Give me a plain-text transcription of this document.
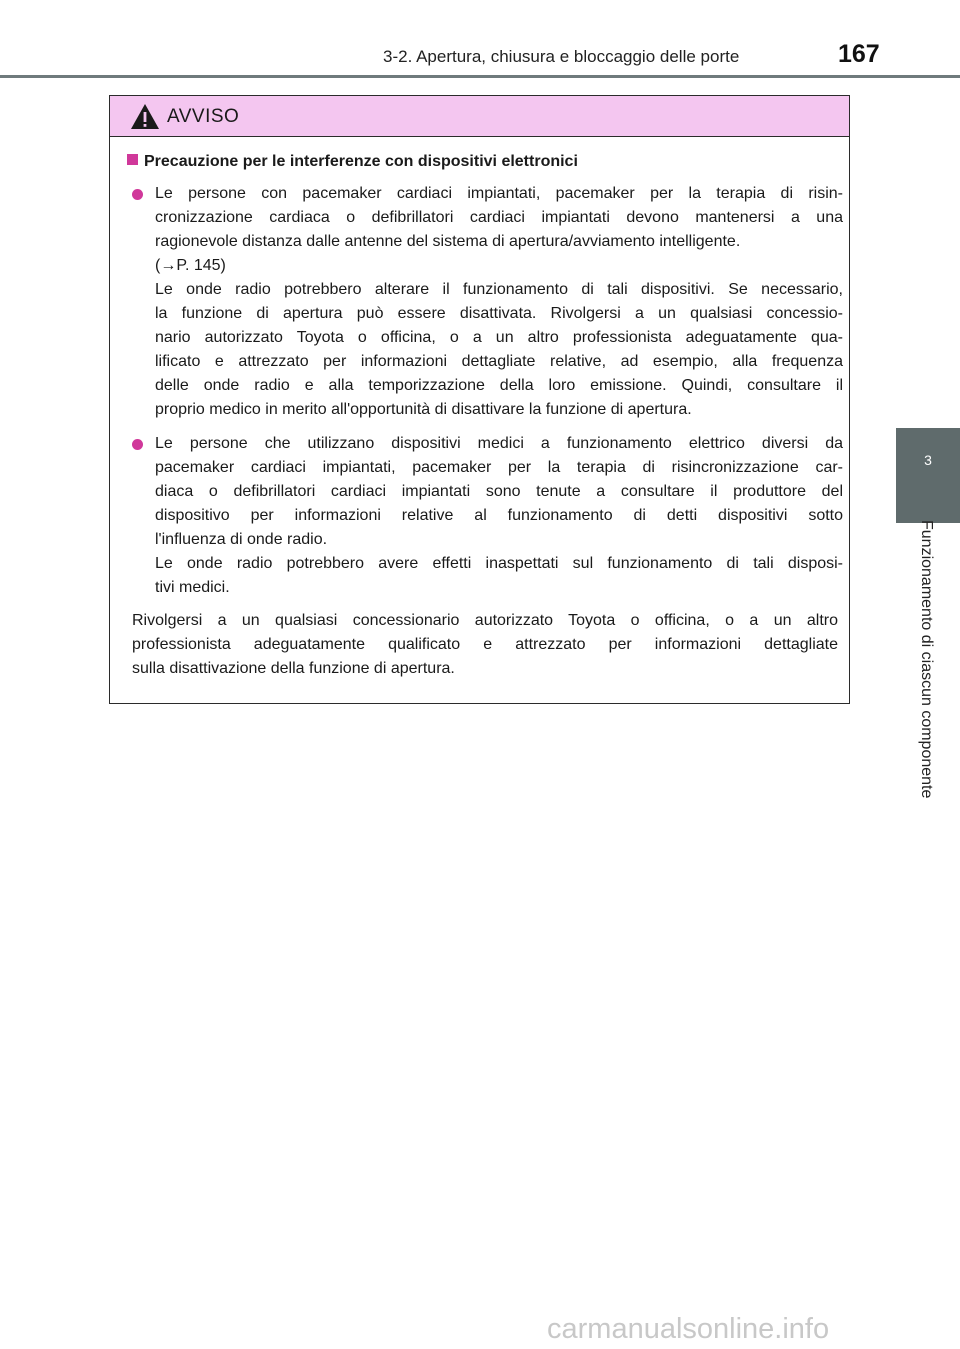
3-2. Apertura, chiusura e bloccaggio delle porte	167
3
Funzionamento di ciascun componente
AVVISO
Precauzione per le interferenze con dispositivi elettronici
Le persone con pacemaker cardiaci impiantati, pacemaker per la terapia di risin-
cronizzazione cardiaca o defibrillatori cardiaci impiantati devono mantenersi a una
ragionevole distanza dalle antenne del sistema di apertura/avviamento intelligente.
(→P. 145)
Le onde radio potrebbero alterare il funzionamento di tali dispositivi. Se necessario,
la funzione di apertura può essere disattivata. Rivolgersi a un qualsiasi concessio-
nario autorizzato Toyota o officina, o a un altro professionista adeguatamente qua-
lificato e attrezzato per informazioni dettagliate relative, ad esempio, alla frequenza
delle onde radio e alla temporizzazione della loro emissione. Quindi, consultare il
proprio medico in merito all'opportunità di disattivare la funzione di apertura.
Le persone che utilizzano dispositivi medici a funzionamento elettrico diversi da
pacemaker cardiaci impiantati, pacemaker per la terapia di risincronizzazione car-
diaca o defibrillatori cardiaci impiantati sono tenute a consultare il produttore del
dispositivo per informazioni relative al funzionamento di detti dispositivi sotto
l'influenza di onde radio.
Le onde radio potrebbero avere effetti inaspettati sul funzionamento di tali disposi-
tivi medici.
Rivolgersi a un qualsiasi concessionario autorizzato Toyota o officina, o a un altro
professionista adeguatamente qualificato e attrezzato per informazioni dettagliate
sulla disattivazione della funzione di apertura.
carmanualsonline.info
